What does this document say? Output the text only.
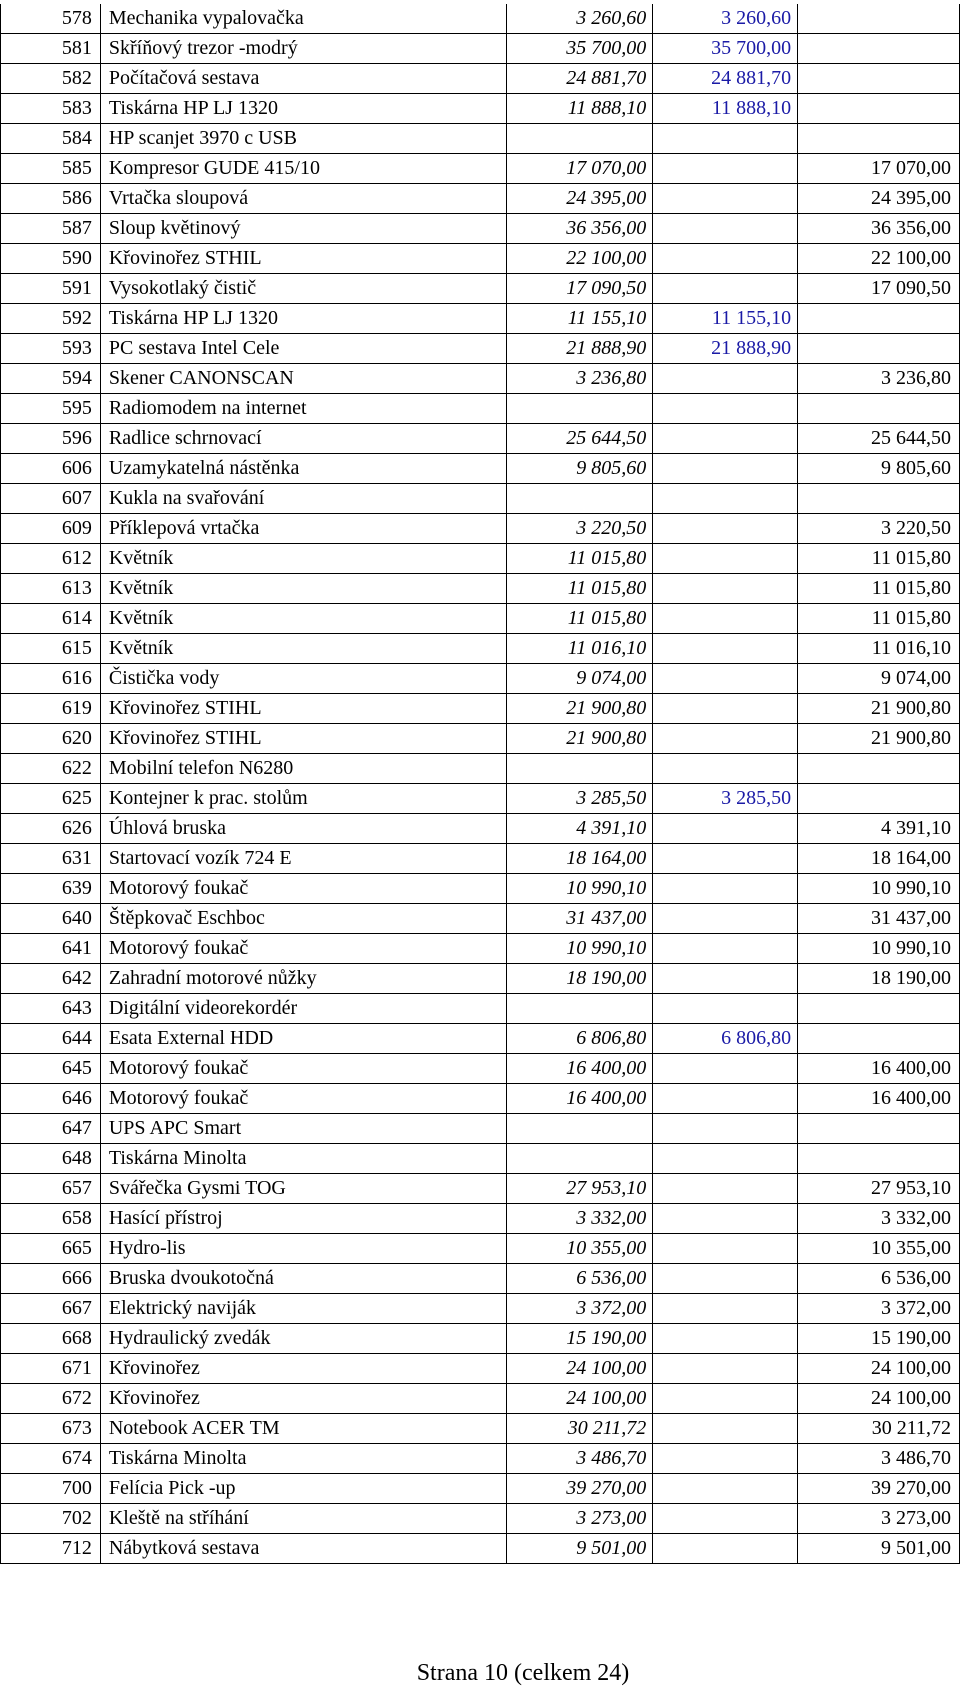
578	Mechanika vypalovačka	3 260,60	3 260,60	
581	Skříňový trezor -modrý	35 700,00	35 700,00	
582	Počítačová sestava	24 881,70	24 881,70	
583	Tiskárna HP LJ 1320	11 888,10	11 888,10	
584	HP scanjet 3970 c USB			
585	Kompresor GUDE 415/10	17 070,00		17 070,00
586	Vrtačka sloupová	24 395,00		24 395,00
587	Sloup květinový	36 356,00		36 356,00
590	Křovinořez STHIL	22 100,00		22 100,00
591	Vysokotlaký čistič	17 090,50		17 090,50
592	Tiskárna HP LJ 1320	11 155,10	11 155,10	
593	PC sestava Intel Cele	21 888,90	21 888,90	
594	Skener CANONSCAN	3 236,80		3 236,80
595	Radiomodem na internet			
596	Radlice schrnovací	25 644,50		25 644,50
606	Uzamykatelná nástěnka	9 805,60		9 805,60
607	Kukla na svařování			
609	Příklepová vrtačka	3 220,50		3 220,50
612	Květník	11 015,80		11 015,80
613	Květník	11 015,80		11 015,80
614	Květník	11 015,80		11 015,80
615	Květník	11 016,10		11 016,10
616	Čistička vody	9 074,00		9 074,00
619	Křovinořez STIHL	21 900,80		21 900,80
620	Křovinořez STIHL	21 900,80		21 900,80
622	Mobilní telefon N6280			
625	Kontejner k prac. stolům	3 285,50	3 285,50	
626	Úhlová bruska	4 391,10		4 391,10
631	Startovací vozík 724 E	18 164,00		18 164,00
639	Motorový foukač	10 990,10		10 990,10
640	Štěpkovač Eschboc	31 437,00		31 437,00
641	Motorový foukač	10 990,10		10 990,10
642	Zahradní motorové nůžky	18 190,00		18 190,00
643	Digitální videorekordér			
644	Esata External HDD	6 806,80	6 806,80	
645	Motorový foukač	16 400,00		16 400,00
646	Motorový foukač	16 400,00		16 400,00
647	UPS APC Smart			
648	Tiskárna Minolta			
657	Svářečka Gysmi TOG	27 953,10		27 953,10
658	Hasící přístroj	3 332,00		3 332,00
665	Hydro-lis	10 355,00		10 355,00
666	Bruska dvoukotočná	6 536,00		6 536,00
667	Elektrický naviják	3 372,00		3 372,00
668	Hydraulický zvedák	15 190,00		15 190,00
671	Křovinořez	24 100,00		24 100,00
672	Křovinořez	24 100,00		24 100,00
673	Notebook ACER TM	30 211,72		30 211,72
674	Tiskárna Minolta	3 486,70		3 486,70
700	Felícia Pick -up	39 270,00		39 270,00
702	Kleště na stříhání	3 273,00		3 273,00
712	Nábytková sestava	9 501,00		9 501,00
Strana 10 (celkem 24)
